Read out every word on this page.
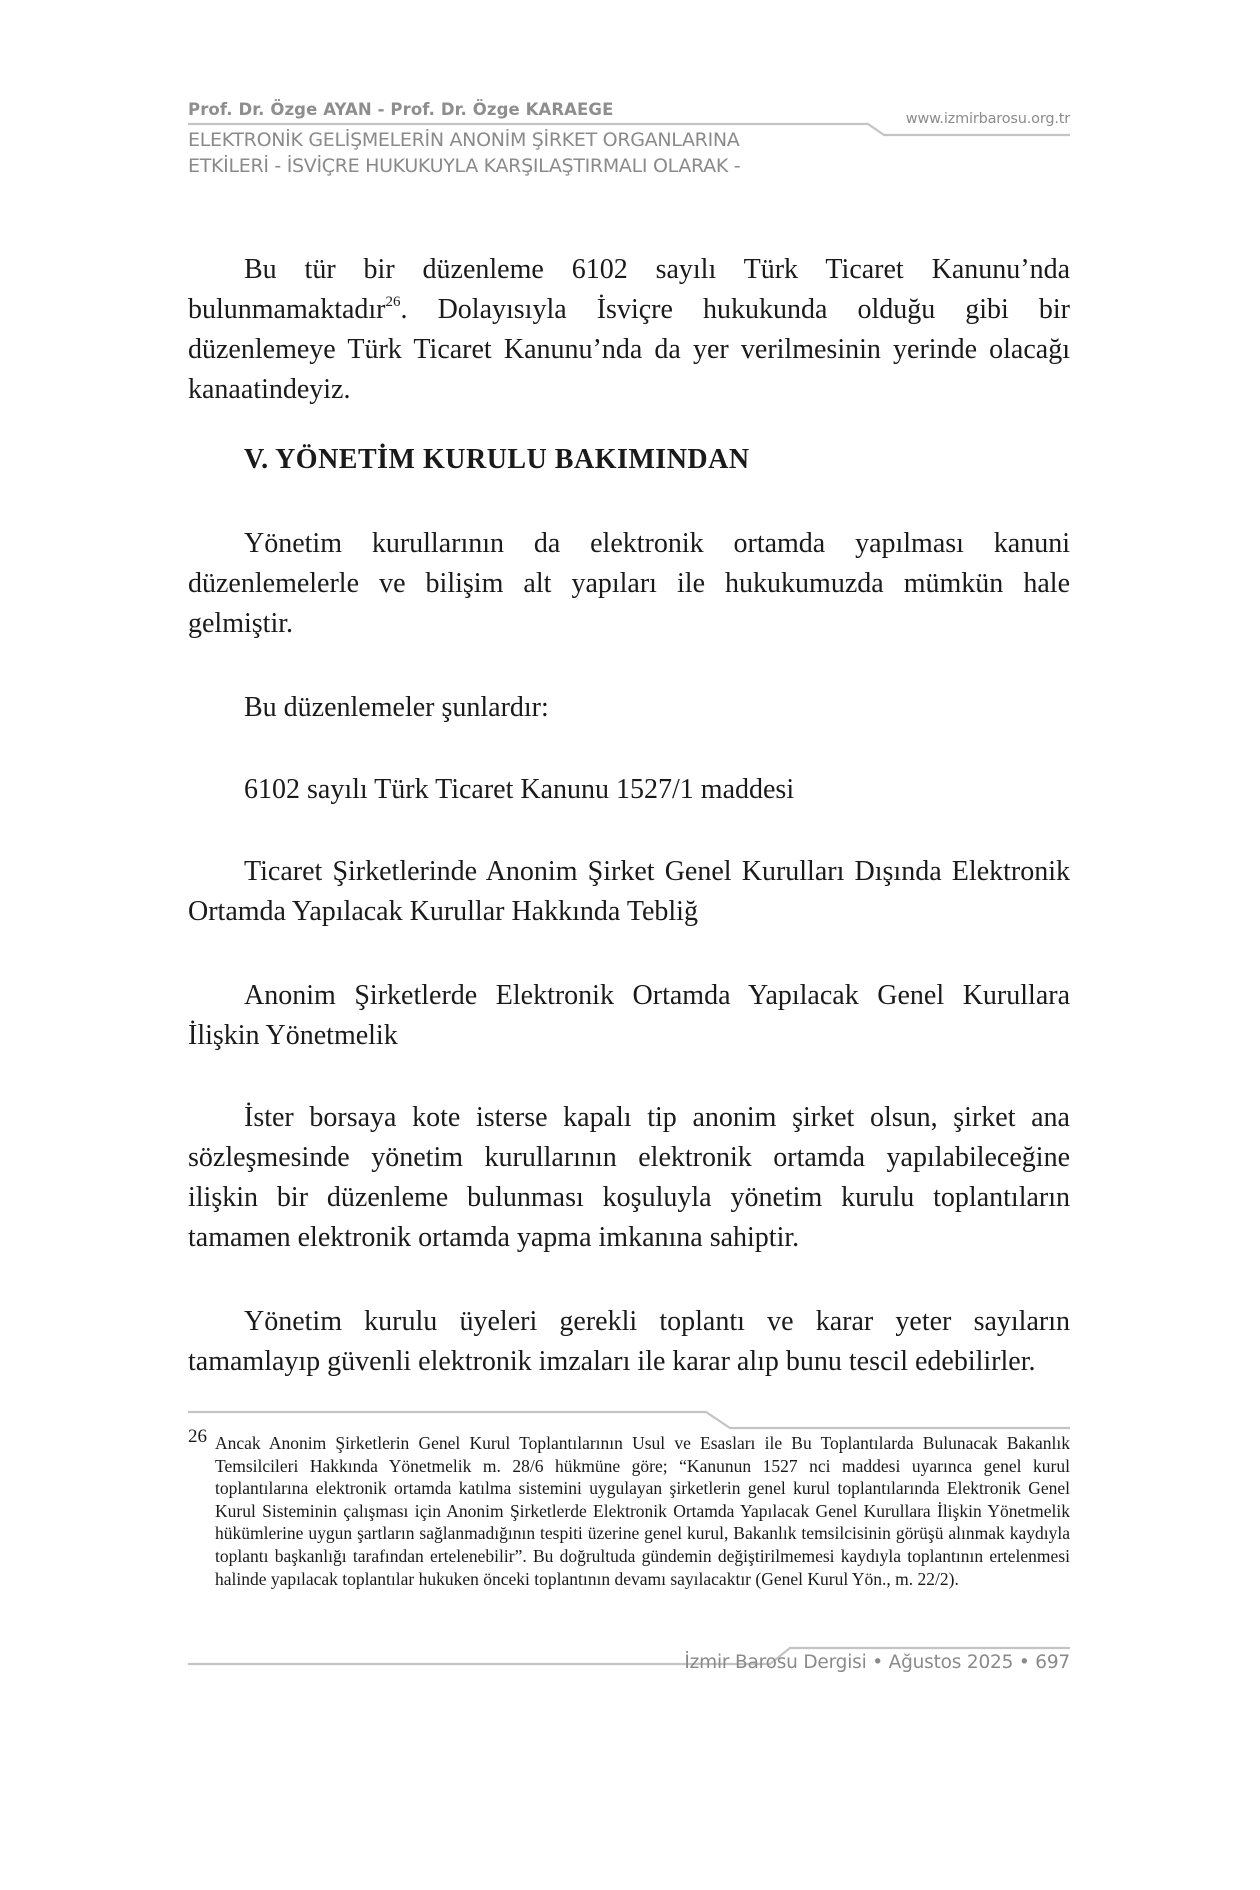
Prof. Dr. Özge AYAN - Prof. Dr. Özge KARAEGE
ELEKTRONİK GELİŞMELERİN ANONİM ŞİRKET ORGANLARINA
ETKİLERİ - İSVİÇRE HUKUKUYLA KARŞILAŞTIRMALI OLARAK -
www.izmirbarosu.org.tr

Bu tür bir düzenleme 6102 sayılı Türk Ticaret Kanunu’nda bulunmamaktadır$^{26}$. Dolayısıyla İsviçre hukukunda olduğu gibi bir düzenlemeye Türk Ticaret Kanunu’nda da yer verilmesinin yerinde olacağı kanaatindeyiz.

V. YÖNETİM KURULU BAKIMINDAN

Yönetim kurullarının da elektronik ortamda yapılması kanuni düzenlemelerle ve bilişim alt yapıları ile hukukumuzda mümkün hale gelmiştir.

Bu düzenlemeler şunlardır:

6102 sayılı Türk Ticaret Kanunu 1527/1 maddesi

Ticaret Şirketlerinde Anonim Şirket Genel Kurulları Dışında Elektronik Ortamda Yapılacak Kurullar Hakkında Tebliğ

Anonim Şirketlerde Elektronik Ortamda Yapılacak Genel Kurullara İlişkin Yönetmelik

İster borsaya kote isterse kapalı tip anonim şirket olsun, şirket ana sözleşmesinde yönetim kurullarının elektronik ortamda yapılabileceğine ilişkin bir düzenleme bulunması koşuluyla yönetim kurulu toplantıların tamamen elektronik ortamda yapma imkanına sahiptir.

Yönetim kurulu üyeleri gerekli toplantı ve karar yeter sayıların tamamlayıp güvenli elektronik imzaları ile karar alıp bunu tescil edebilirler.

26 Ancak Anonim Şirketlerin Genel Kurul Toplantılarının Usul ve Esasları ile Bu Toplantılarda Bulunacak Bakanlık Temsilcileri Hakkında Yönetmelik m. 28/6 hükmüne göre; “Kanunun 1527 nci maddesi uyarınca genel kurul toplantılarına elektronik ortamda katılma sistemini uygulayan şirketlerin genel kurul toplantılarında Elektronik Genel Kurul Sisteminin çalışması için Anonim Şirketlerde Elektronik Ortamda Yapılacak Genel Kurullara İlişkin Yönetmelik hükümlerine uygun şartların sağlanmadığının tespiti üzerine genel kurul, Bakanlık temsilcisinin görüşü alınmak kaydıyla toplantı başkanlığı tarafından ertelenebilir”. Bu doğrultuda gündemin değiştirilmemesi kaydıyla toplantının ertelenmesi halinde yapılacak toplantılar hukuken önceki toplantının devamı sayılacaktır (Genel Kurul Yön., m. 22/2).
İzmir Barosu Dergisi • Ağustos 2025 • 697
